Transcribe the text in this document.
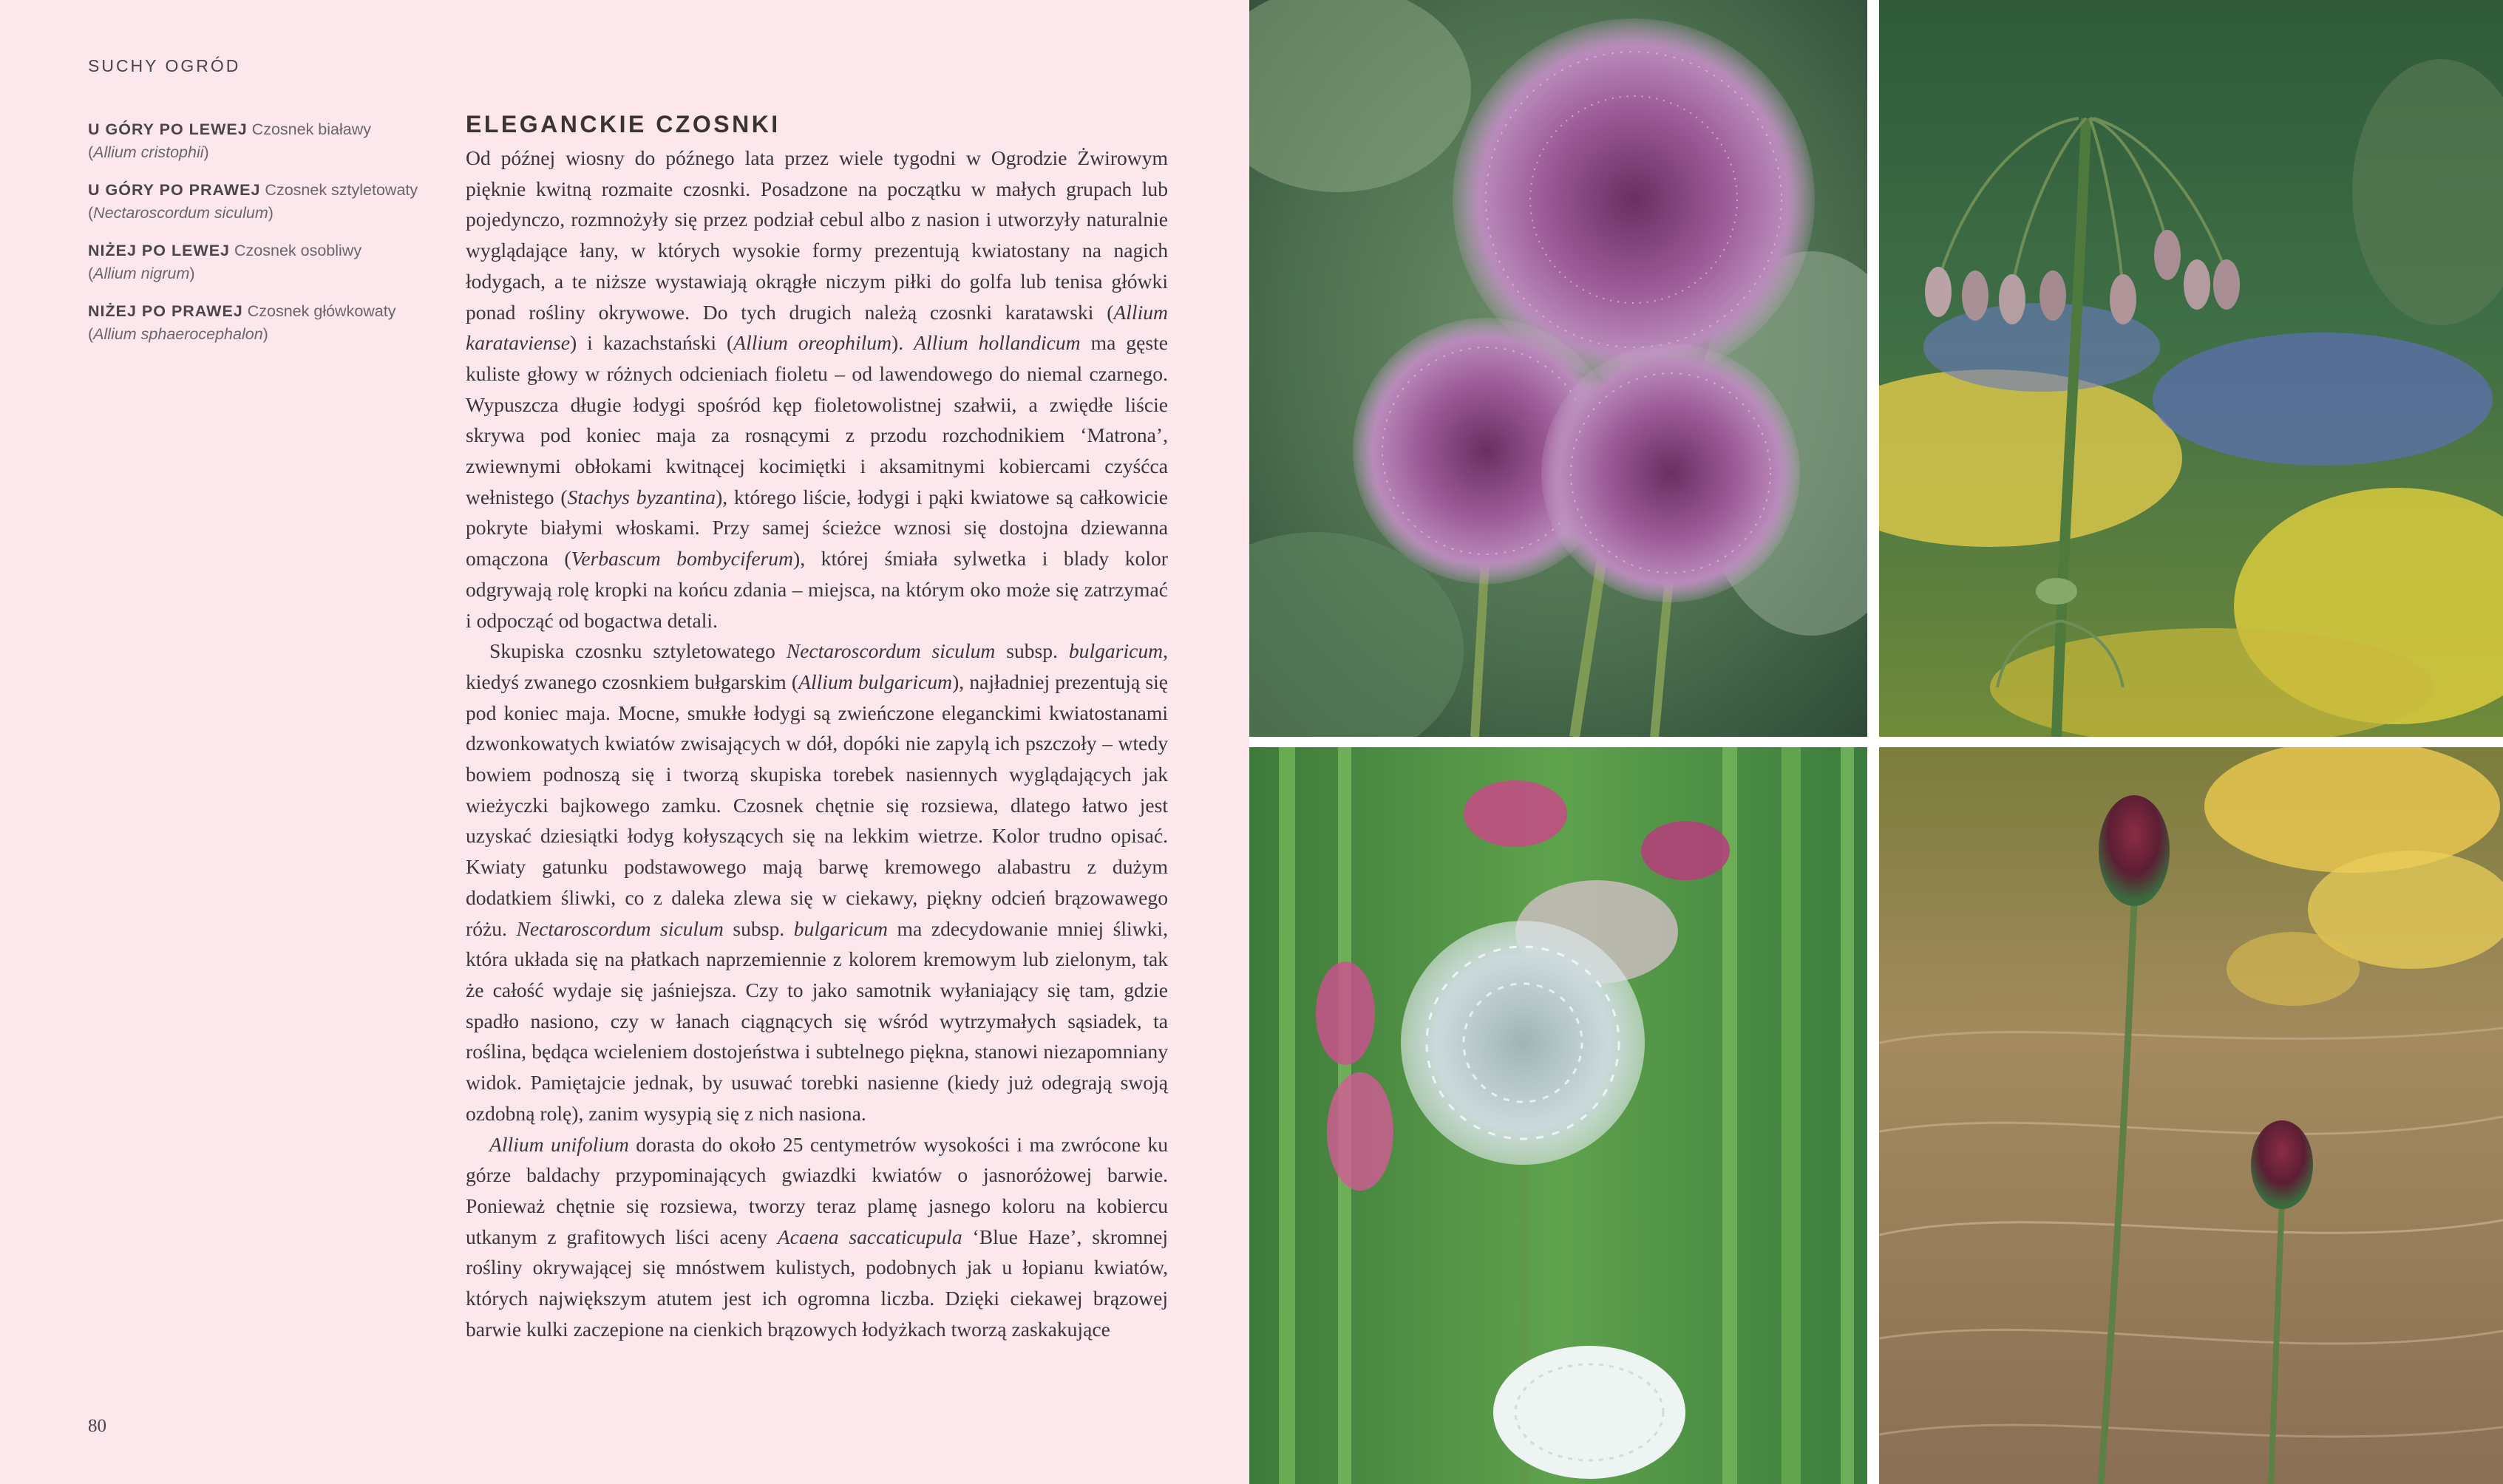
SUCHY OGRÓD

U GÓRY PO LEWEJ Czosnek białawy
(Allium cristophii)

U GÓRY PO PRAWEJ Czosnek sztyletowaty
(Nectaroscordum siculum)

NIŻEJ PO LEWEJ Czosnek osobliwy
(Allium nigrum)

NIŻEJ PO PRAWEJ Czosnek główkowaty
(Allium sphaerocephalon)

ELEGANCKIE CZOSNKI

Od późnej wiosny do późnego lata przez wiele tygodni w Ogrodzie Żwirowym pięknie kwitną rozmaite czosnki. Posadzone na początku w małych grupach lub pojedynczo, rozmnożyły się przez podział cebul albo z nasion i utworzyły naturalnie wyglądające łany, w których wysokie formy prezentują kwiatostany na nagich łodygach, a te niższe wystawiają okrągłe niczym piłki do golfa lub tenisa główki ponad rośliny okrywowe. Do tych drugich należą czosnki karatawski (Allium karataviense) i kazachstański (Allium oreophilum). Allium hollandicum ma gęste kuliste głowy w różnych odcieniach fioletu – od lawendowego do niemal czarnego. Wypuszcza długie łodygi spośród kęp fioletowolistnej szałwii, a zwiędłe liście skrywa pod koniec maja za rosnącymi z przodu rozchodnikiem ‘Matrona’, zwiewnymi obłokami kwitnącej kocimiętki i aksamitnymi kobiercami czyśćca wełnistego (Stachys byzantina), którego liście, łodygi i pąki kwiatowe są całkowicie pokryte białymi włoskami. Przy samej ścieżce wznosi się dostojna dziewanna omączona (Verbascum bombyciferum), której śmiała sylwetka i blady kolor odgrywają rolę kropki na końcu zdania – miejsca, na którym oko może się zatrzymać i odpocząć od bogactwa detali.

Skupiska czosnku sztyletowatego Nectaroscordum siculum subsp. bulgaricum, kiedyś zwanego czosnkiem bułgarskim (Allium bulgaricum), najładniej prezentują się pod koniec maja. Mocne, smukłe łodygi są zwieńczone eleganckimi kwiatostanami dzwonkowatych kwiatów zwisających w dół, dopóki nie zapylą ich pszczoły – wtedy bowiem podnoszą się i tworzą skupiska torebek nasiennych wyglądających jak wieżyczki bajkowego zamku. Czosnek chętnie się rozsiewa, dlatego łatwo jest uzyskać dziesiątki łodyg kołyszących się na lekkim wietrze. Kolor trudno opisać. Kwiaty gatunku podstawowego mają barwę kremowego alabastru z dużym dodatkiem śliwki, co z daleka zlewa się w ciekawy, piękny odcień brązowawego różu. Nectaroscordum siculum subsp. bulgaricum ma zdecydowanie mniej śliwki, która układa się na płatkach naprzemiennie z kolorem kremowym lub zielonym, tak że całość wydaje się jaśniejsza. Czy to jako samotnik wyłaniający się tam, gdzie spadło nasiono, czy w łanach ciągnących się wśród wytrzymałych sąsiadek, ta roślina, będąca wcieleniem dostojeństwa i subtelnego piękna, stanowi niezapomniany widok. Pamiętajcie jednak, by usuwać torebki nasienne (kiedy już odegrają swoją ozdobną rolę), zanim wysypią się z nich nasiona.

Allium unifolium dorasta do około 25 centymetrów wysokości i ma zwrócone ku górze baldachy przypominających gwiazdki kwiatów o jasnoróżowej barwie. Ponieważ chętnie się rozsiewa, tworzy teraz plamę jasnego koloru na kobiercu utkanym z grafitowych liści aceny Acaena saccaticupula ‘Blue Haze’, skromnej rośliny okrywającej się mnóstwem kulistych, podobnych jak u łopianu kwiatów, których największym atutem jest ich ogromna liczba. Dzięki ciekawej brązowej barwie kulki zaczepione na cienkich brązowych łodyżkach tworzą zaskakujące

80
